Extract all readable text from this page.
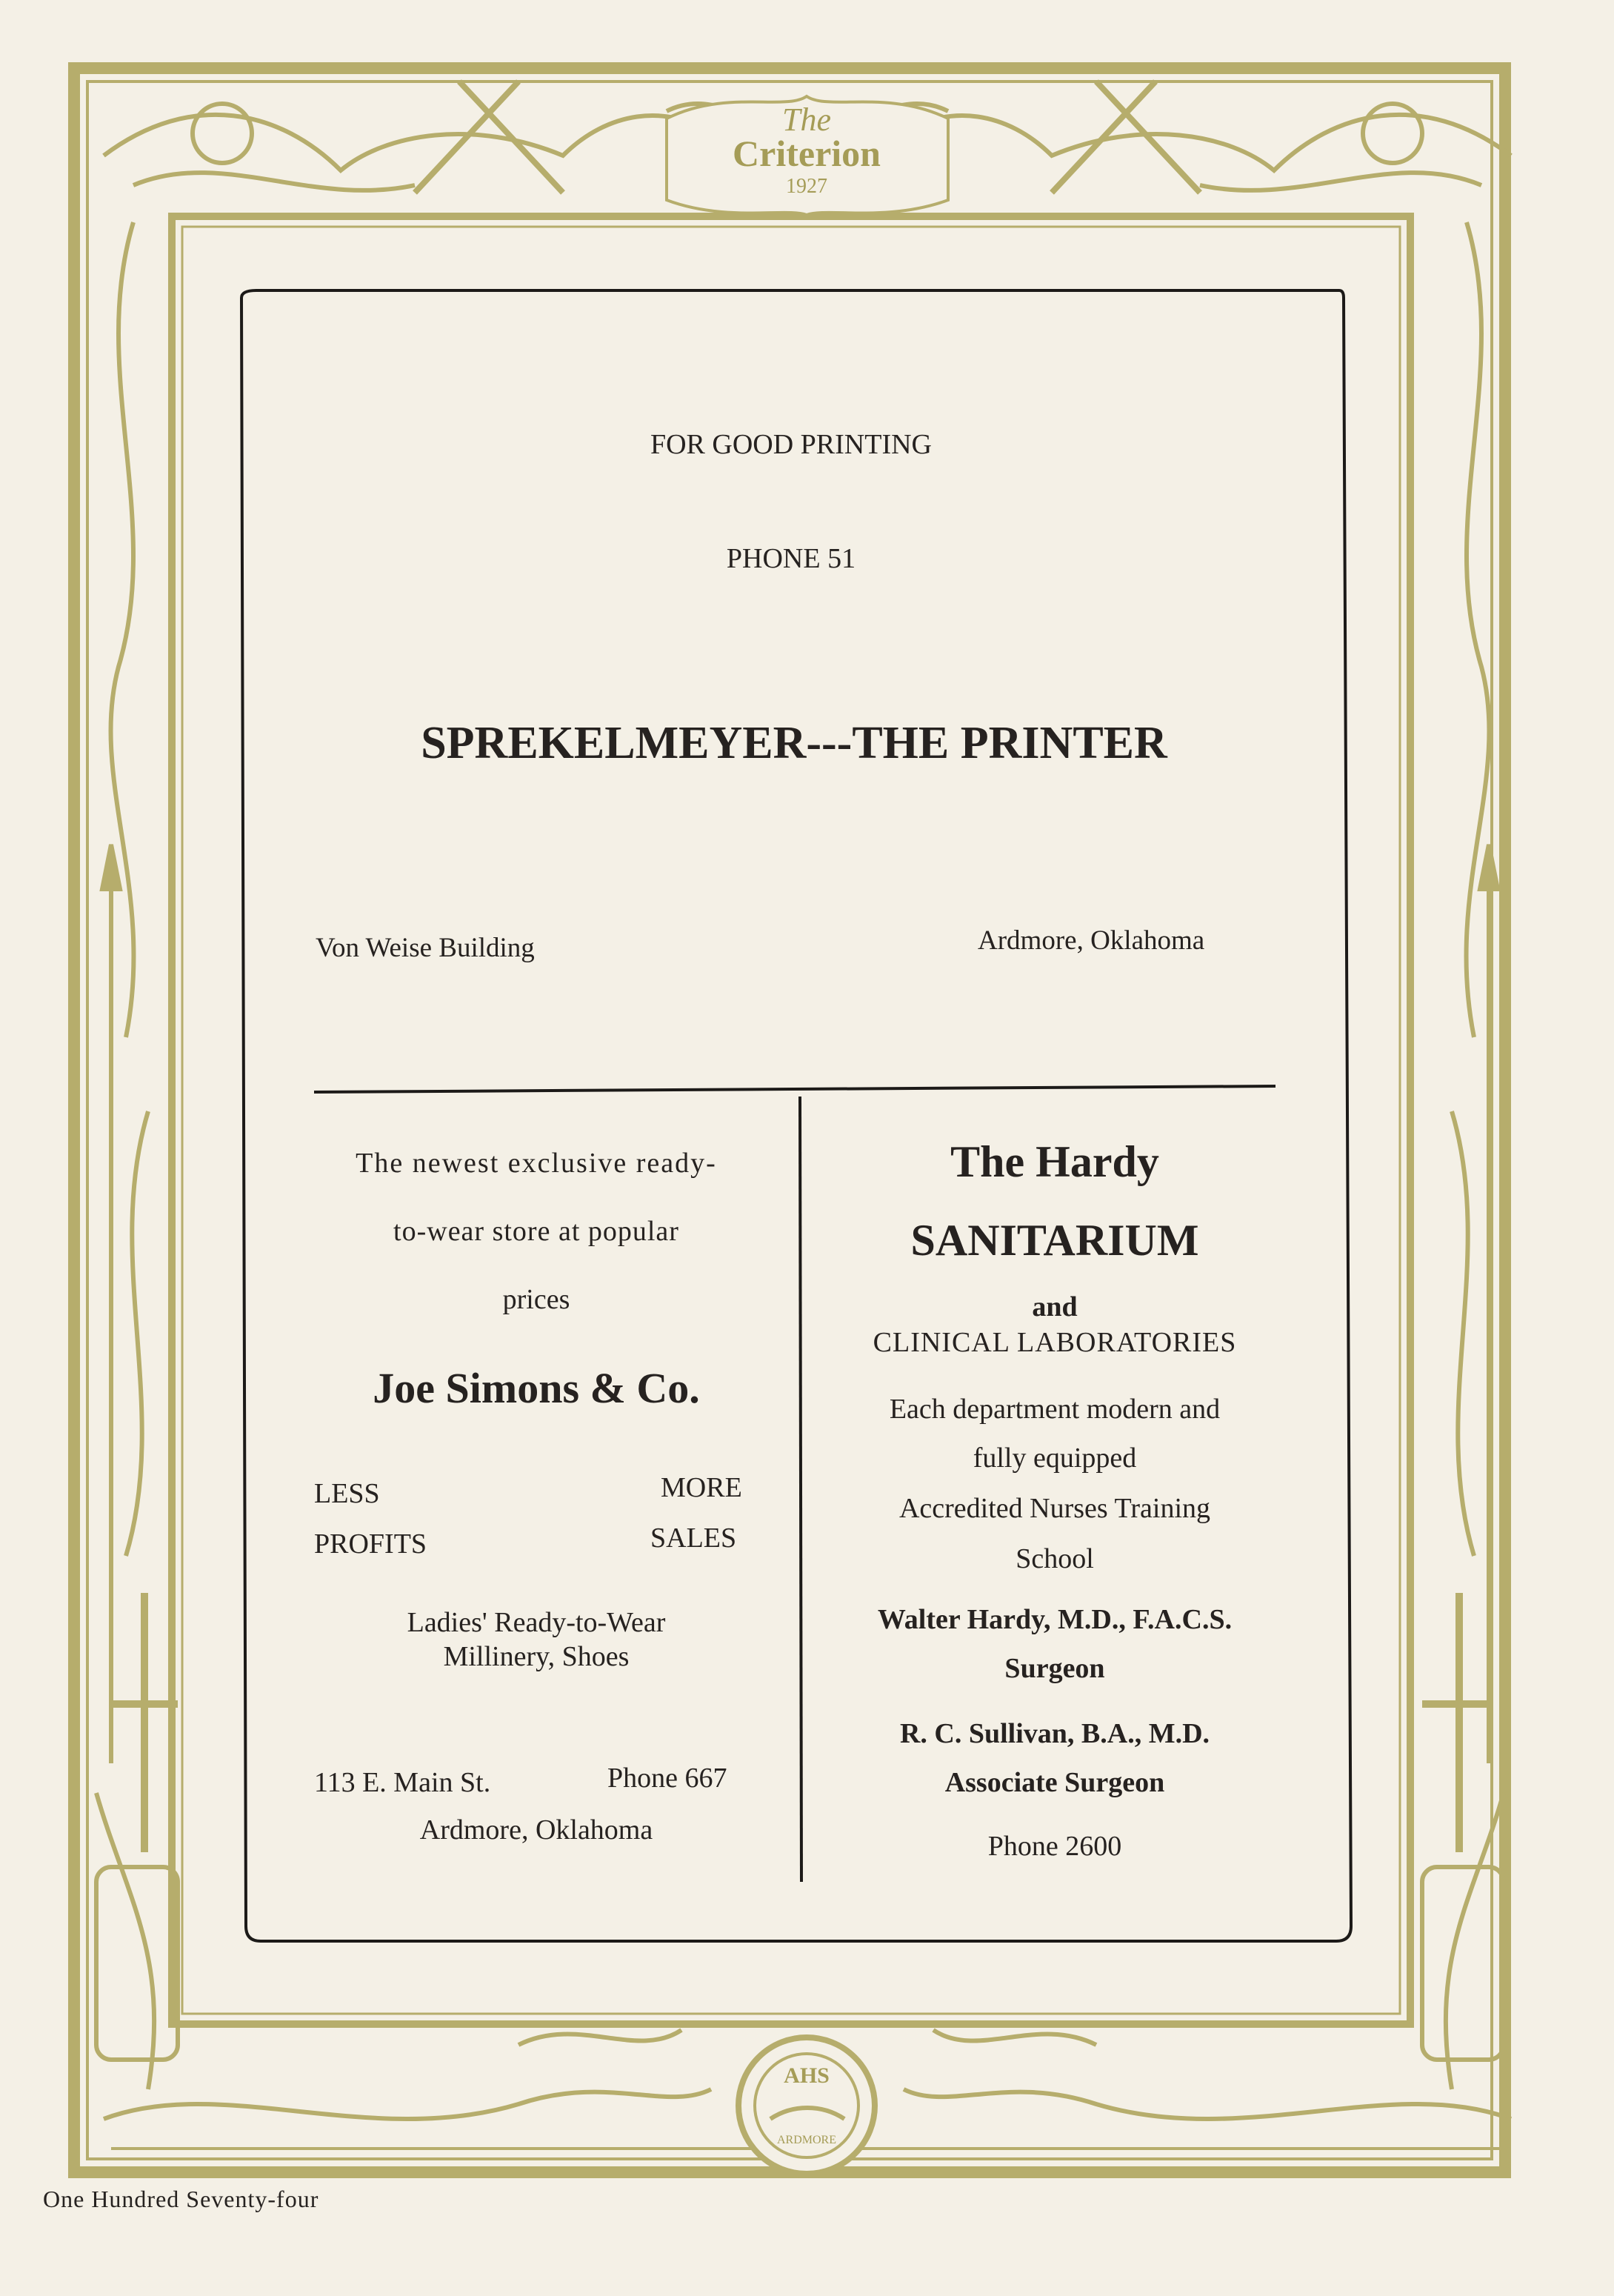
The
Criterion
1927
AHS
ARDMORE
FOR GOOD PRINTING
PHONE 51
SPREKELMEYER---THE PRINTER
Von Weise Building	Ardmore, Oklahoma
The newest exclusive ready-
to-wear store at popular
prices
Joe Simons & Co.
LESS	MORE
PROFITS	SALES
Ladies' Ready-to-Wear
Millinery, Shoes
113 E. Main St.	Phone 667
Ardmore, Oklahoma
The Hardy
SANITARIUM
and
CLINICAL LABORATORIES
Each department modern and
fully equipped
Accredited Nurses Training
School
Walter Hardy, M.D., F.A.C.S.
Surgeon
R. C. Sullivan, B.A., M.D.
Associate Surgeon
Phone 2600
One Hundred Seventy-four
